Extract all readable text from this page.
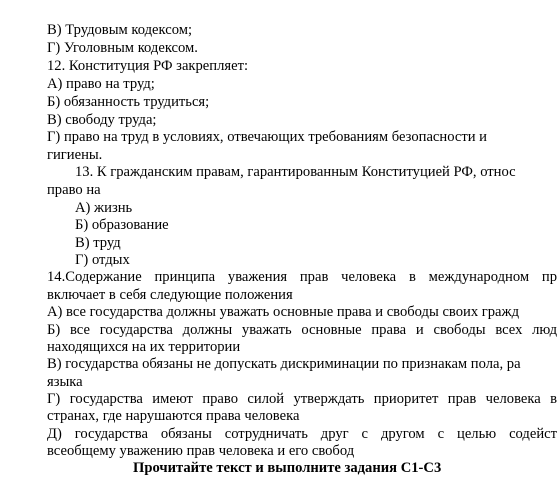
В) Трудовым кодексом;
Г) Уголовным кодексом.
12. Конституция РФ закрепляет:
А) право на труд;
Б) обязанность трудиться;
В) свободу труда;
Г) право на труд в условиях, отвечающих требованиям безопасности и
гигиены.
13. К гражданским правам, гарантированным Конституцией РФ, относ
право на
А) жизнь
Б) образование
В) труд
Г) отдых
14.Содержание принципа уважения прав человека в международном пр
включает в себя следующие положения
А) все государства должны уважать основные права и свободы своих гражд
Б) все государства должны уважать основные права и свободы всех люд
находящихся на их территории
В) государства обязаны не допускать дискриминации по признакам пола, ра
языка
Г) государства имеют право силой утверждать приоритет прав человека в
странах, где нарушаются права человека
Д) государства обязаны сотрудничать друг с другом с целью содейст
всеобщему уважению прав человека и его свобод
Прочитайте текст и выполните задания С1-С3
